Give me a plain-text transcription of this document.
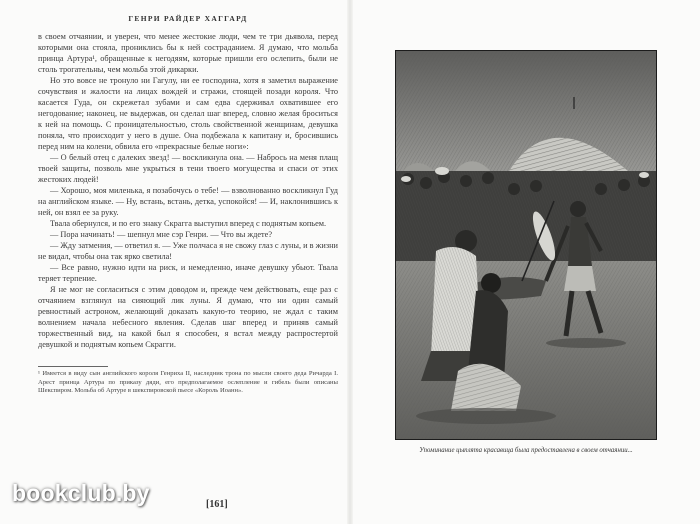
ГЕНРИ РАЙДЕР ХАГГАРД

в своем отчаянии, и уверен, что менее жестокие люди, чем те три дьявола, перед которыми она стояла, прониклись бы к ней состраданием. Я думаю, что мольба принца Артура¹, обращенные к негодяям, которые пришли его ослепить, были не столь трогательны, чем мольба этой дикарки.

Но это вовсе не тронуло ни Гагулу, ни ее господина, хотя я заметил выражение сочувствия и жалости на лицах вождей и стражи, стоящей позади короля. Что касается Гуда, он скрежетал зубами и сам едва сдерживал охватившее его негодование; наконец, не выдержав, он сделал шаг вперед, словно желая броситься к ней на помощь. С проницательностью, столь свойственной женщинам, девушка поняла, что происходит у него в душе. Она подбежала к капитану и, бросившись перед ним на колени, обвила его «прекрасные белые ноги»:

— О белый отец с далеких звезд! — воскликнула она. — Набрось на меня плащ твоей защиты, позволь мне укрыться в тени твоего могущества и спаси от этих жестоких людей!

— Хорошо, моя миленька, я позабочусь о тебе! — взволнованно воскликнул Гуд на английском языке. — Ну, встань, встань, детка, успокойся! — И, наклонившись к ней, он взял ее за руку.

Твала обернулся, и по его знаку Скрагга выступил вперед с поднятым копьем.

— Пора начинать! — шепнул мне сэр Генри. — Что вы ждете?

— Жду затмения, — ответил я. — Уже полчаса я не свожу глаз с луны, и в жизни не видал, чтобы она так ярко светила!

— Все равно, нужно идти на риск, и немедленно, иначе девушку убьют. Твала теряет терпение.

Я не мог не согласиться с этим доводом и, прежде чем действовать, еще раз с отчаянием взглянул на сияющий лик луны. Я думаю, что ни один самый ревностный астроном, желающий доказать какую-то теорию, не ждал с таким волнением начала небесного явления. Сделав шаг вперед и приняв самый торжественный вид, на какой был я способен, я встал между распростертой девушкой и поднятым копьем Скрагги.

¹ Имеется в виду сын английского короля Генриха II, наследник трона по мысли своего деда Ричарда I. Арест принца Артура по приказу дяди, его предполагаемое ослепление и гибель были описаны Шекспиром. Мольба об Артуре в шекспировской пьесе «Король Иоанн».
[161]
Упоминание цыплята красавица была предоставлена в своем отчаянии...
bookclub.by
